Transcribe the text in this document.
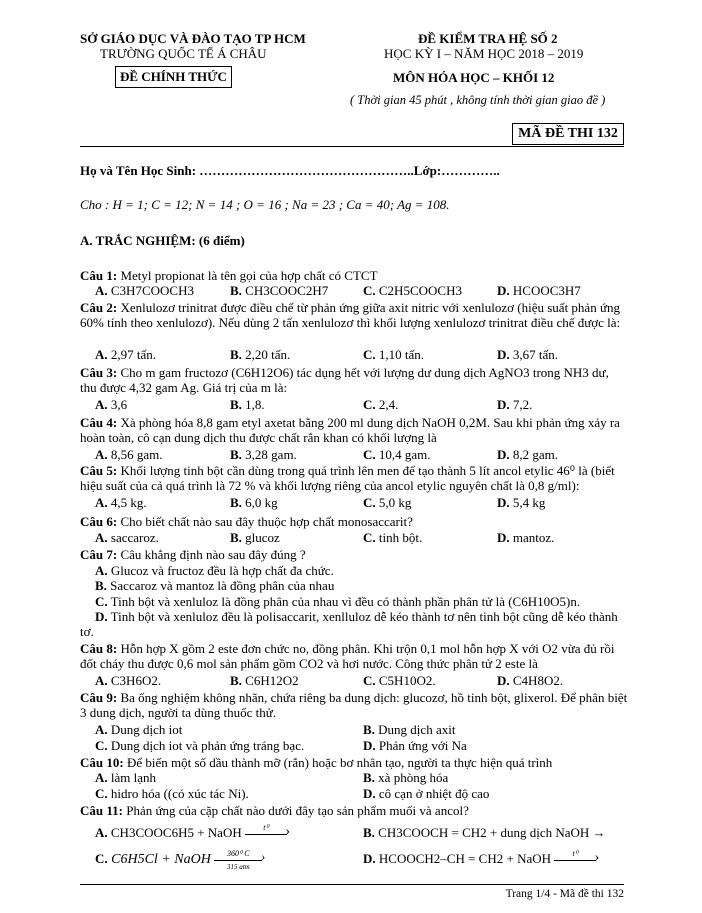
SỞ GIÁO DỤC VÀ ĐÀO TẠO TP HCM
TRƯỜNG QUỐC TẾ Á CHÂU
ĐỀ CHÍNH THỨC
ĐỀ KIỂM TRA HỆ SỐ 2
HỌC KỲ I – NĂM HỌC 2018 – 2019
MÔN HÓA HỌC – KHỐI 12
( Thời gian 45 phút , không tính thời gian giao đề )
MÃ ĐỀ THI 132
Họ và Tên Học Sinh: …………………………………………..Lớp:…………..
Cho : H = 1; C = 12; N = 14 ; O = 16 ; Na = 23 ; Ca = 40; Ag = 108.
A. TRẮC NGHIỆM: (6 điểm)
Câu 1: Metyl propionat là tên gọi của hợp chất có CTCT
A. C3H7COOCH3	B. CH3COOC2H7	C. C2H5COOCH3	D. HCOOC3H7
Câu 2: Xenlulozơ trinitrat được điều chế từ phản ứng giữa axit nitric với xenlulozơ (hiệu suất phản ứng 60% tính theo xenlulozơ). Nếu dùng 2 tấn xenlulozơ thì khối lượng xenlulozơ trinitrat điều chế được là:
A. 2,97 tấn.	B. 2,20 tấn.	C. 1,10 tấn.	D. 3,67 tấn.
Câu 3: Cho m gam fructozơ (C6H12O6) tác dụng hết với lượng dư dung dịch AgNO3 trong NH3 dư, thu được 4,32 gam Ag. Giá trị của m là:
A. 3,6	B. 1,8.	C. 2,4.	D. 7,2.
Câu 4: Xà phòng hóa 8,8 gam etyl axetat bằng 200 ml dung dịch NaOH 0,2M. Sau khi phản ứng xảy ra hoàn toàn, cô cạn dung dịch thu được chất rắn khan có khối lượng là
A. 8,56 gam.	B. 3,28 gam.	C. 10,4 gam.	D. 8,2 gam.
Câu 5: Khối lượng tinh bột cần dùng trong quá trình lên men để tạo thành 5 lít ancol etylic 46⁰ là (biết hiệu suất của cả quá trình là 72 % và khối lượng riêng của ancol etylic nguyên chất là 0,8 g/ml):
A. 4,5 kg.	B. 6,0 kg	C. 5,0 kg	D. 5,4 kg
Câu 6: Cho biết chất nào sau đây thuộc hợp chất monosaccarit?
A. saccaroz.	B. glucoz	C. tinh bột.	D. mantoz.
Câu 7: Câu khẳng định nào sau đây đúng ?
A. Glucoz và fructoz đều là hợp chất đa chức.
B. Saccaroz và mantoz là đồng phân của nhau
C. Tinh bột và xenluloz là đồng phân của nhau vì đều có thành phần phân tử là (C6H10O5)n.
D. Tinh bột và xenluloz đều là polisaccarit, xenlluloz dễ kéo thành tơ nên tinh bột cũng dễ kéo thành tơ.
Câu 8: Hỗn hợp X gồm 2 este đơn chức no, đồng phân. Khi trộn 0,1 mol hỗn hợp X với O2 vừa đủ rồi đốt cháy thu được 0,6 mol sản phẩm gồm CO2 và hơi nước. Công thức phân tử 2 este là
A. C3H6O2.	B. C6H12O2	C. C5H10O2.	D. C4H8O2.
Câu 9: Ba ống nghiệm không nhãn, chứa riêng ba dung dịch: glucozơ, hồ tinh bột, glixerol. Để phân biệt 3 dung dịch, người ta dùng thuốc thử.
A. Dung dịch iot	B. Dung dịch axit
C. Dung dịch iot và phản ứng tráng bạc.	D. Phản ứng với Na
Câu 10: Để biến một số dầu thành mỡ (rắn) hoặc bơ nhân tạo, người ta thực hiện quá trình
A. làm lạnh	B. xà phòng hóa
C. hidro hóa ((có xúc tác Ni).	D. cô cạn ở nhiệt độ cao
Câu 11: Phản ứng của cặp chất nào dưới đây tạo sản phẩm muối và ancol?
A. CH3COOC6H5 + NaOH	› t⁰	B. CH3COOCH = CH2 + dung dịch NaOH →
C. C6H5Cl + NaOH	› 360⁰ C
315 atm
D. HCOOCH2–CH = CH2 + NaOH	› t⁰
Trang 1/4 - Mã đề thi 132
